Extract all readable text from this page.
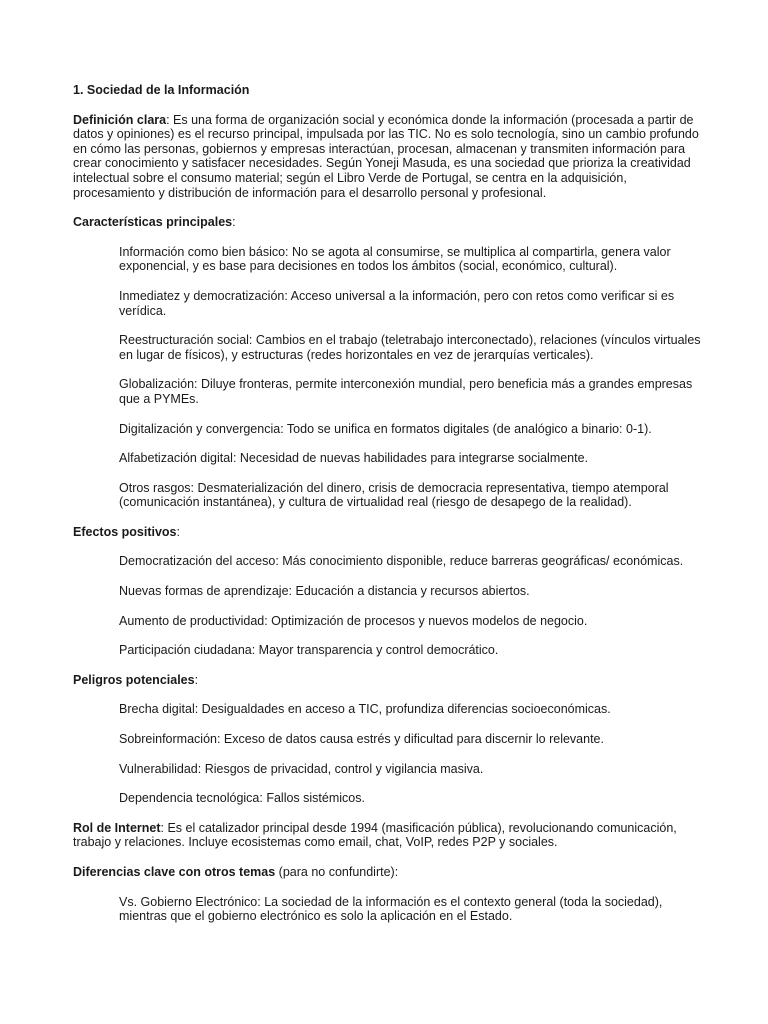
1. Sociedad de la Información
Definición clara: Es una forma de organización social y económica donde la información (procesada a partir de datos y opiniones) es el recurso principal, impulsada por las TIC. No es solo tecnología, sino un cambio profundo en cómo las personas, gobiernos y empresas interactúan, procesan, almacenan y transmiten información para crear conocimiento y satisfacer necesidades. Según Yoneji Masuda, es una sociedad que prioriza la creatividad intelectual sobre el consumo material; según el Libro Verde de Portugal, se centra en la adquisición, procesamiento y distribución de información para el desarrollo personal y profesional.
Características principales:
Información como bien básico: No se agota al consumirse, se multiplica al compartirla, genera valor exponencial, y es base para decisiones en todos los ámbitos (social, económico, cultural).
Inmediatez y democratización: Acceso universal a la información, pero con retos como verificar si es verídica.
Reestructuración social: Cambios en el trabajo (teletrabajo interconectado), relaciones (vínculos virtuales en lugar de físicos), y estructuras (redes horizontales en vez de jerarquías verticales).
Globalización: Diluye fronteras, permite interconexión mundial, pero beneficia más a grandes empresas que a PYMEs.
Digitalización y convergencia: Todo se unifica en formatos digitales (de analógico a binario: 0-1).
Alfabetización digital: Necesidad de nuevas habilidades para integrarse socialmente.
Otros rasgos: Desmaterialización del dinero, crisis de democracia representativa, tiempo atemporal (comunicación instantánea), y cultura de virtualidad real (riesgo de desapego de la realidad).
Efectos positivos:
Democratización del acceso: Más conocimiento disponible, reduce barreras geográficas/ económicas.
Nuevas formas de aprendizaje: Educación a distancia y recursos abiertos.
Aumento de productividad: Optimización de procesos y nuevos modelos de negocio.
Participación ciudadana: Mayor transparencia y control democrático.
Peligros potenciales:
Brecha digital: Desigualdades en acceso a TIC, profundiza diferencias socioeconómicas.
Sobreinformación: Exceso de datos causa estrés y dificultad para discernir lo relevante.
Vulnerabilidad: Riesgos de privacidad, control y vigilancia masiva.
Dependencia tecnológica: Fallos sistémicos.
Rol de Internet: Es el catalizador principal desde 1994 (masificación pública), revolucionando comunicación, trabajo y relaciones. Incluye ecosistemas como email, chat, VoIP, redes P2P y sociales.
Diferencias clave con otros temas (para no confundirte):
Vs. Gobierno Electrónico: La sociedad de la información es el contexto general (toda la sociedad), mientras que el gobierno electrónico es solo la aplicación en el Estado.
